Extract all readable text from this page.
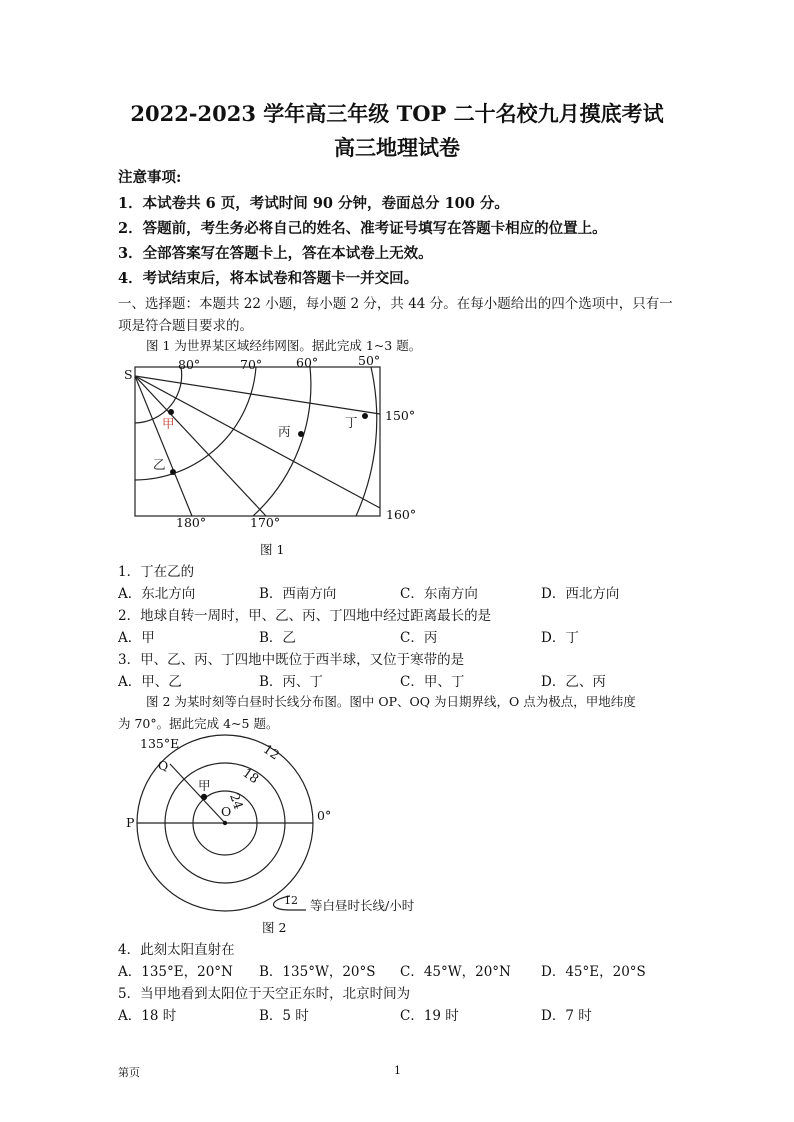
2022-2023 学年高三年级 TOP 二十名校九月摸底考试
高三地理试卷
注意事项:
1．本试卷共 6 页，考试时间 90 分钟，卷面总分 100 分。
2．答题前，考生务必将自己的姓名、准考证号填写在答题卡相应的位置上。
3．全部答案写在答题卡上，答在本试卷上无效。
4．考试结束后，将本试卷和答题卡一并交回。
一、选择题：本题共 22 小题，每小题 2 分，共 44 分。在每小题给出的四个选项中，只有一
项是符合题目要求的。
图 1 为世界某区域经纬网图。据此完成 1~3 题。
S
80°	70°	60°	50°
150°
160°
170°
180°
甲
乙
丙
丁
图 1
1．丁在乙的
A．东北方向	B．西南方向	C．东南方向	D．西北方向
2．地球自转一周时，甲、乙、丙、丁四地中经过距离最长的是
A．甲	B．乙	C．丙	D．丁
3．甲、乙、丙、丁四地中既位于西半球，又位于寒带的是
A．甲、乙	B．丙、丁	C．甲、丁	D．乙、丙
图 2 为某时刻等白昼时长线分布图。图中 OP、OQ 为日期界线，O 点为极点，甲地纬度
为 70°。据此完成 4~5 题。
135°E
Q
P
O
甲
0°
12
18
24
12 等白昼时长线/小时
图 2
4．此刻太阳直射在
A．135°E，20°N B．135°W，20°S C．45°W，20°N D．45°E，20°S
5．当甲地看到太阳位于天空正东时，北京时间为
A．18 时	B．5 时	C．19 时	D．7 时
第页	1
